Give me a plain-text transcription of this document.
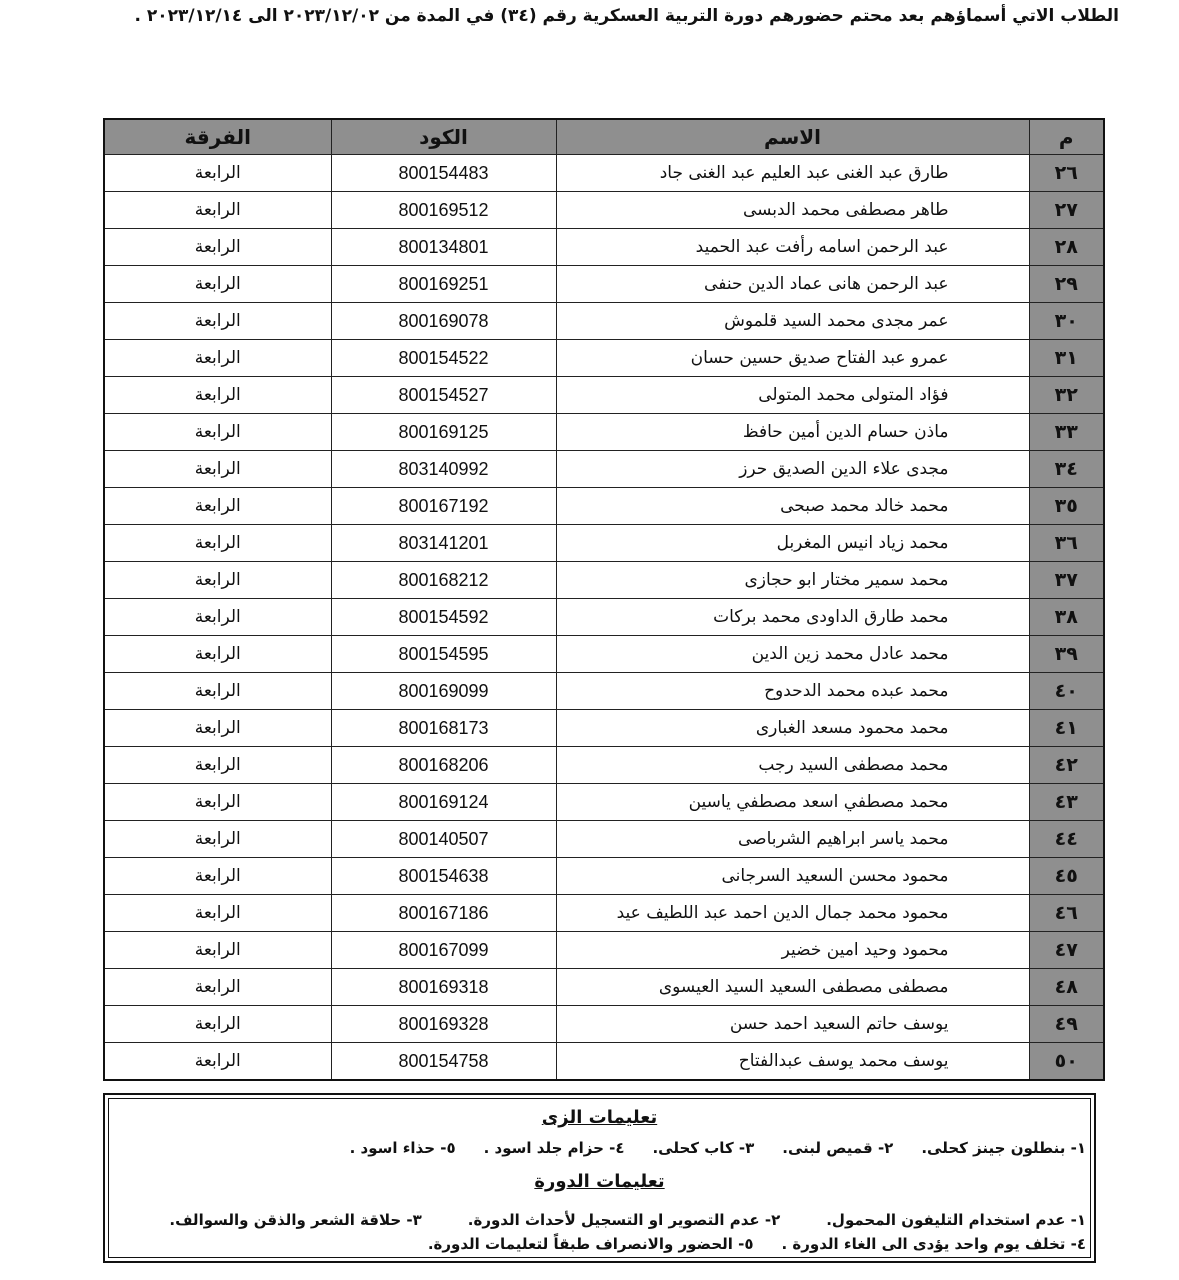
الطلاب الاتي أسماؤهم بعد محتم حضورهم دورة التربية العسكرية رقم (٣٤) في المدة من ٢٠٢٣/١٢/٠٢ الى ٢٠٢٣/١٢/١٤ .
م	الاسم	الكود	الفرقة
٢٦	طارق عبد الغنى عبد العليم عبد الغنى جاد	800154483	الرابعة
٢٧	طاهر مصطفى محمد الدبسى	800169512	الرابعة
٢٨	عبد الرحمن اسامه رأفت عبد الحميد	800134801	الرابعة
٢٩	عبد الرحمن هانى عماد الدين حنفى	800169251	الرابعة
٣٠	عمر مجدى محمد السيد قلموش	800169078	الرابعة
٣١	عمرو عبد الفتاح صديق حسين حسان	800154522	الرابعة
٣٢	فؤاد المتولى محمد المتولى	800154527	الرابعة
٣٣	ماذن حسام الدين أمين حافظ	800169125	الرابعة
٣٤	مجدى علاء الدين الصديق حرز	803140992	الرابعة
٣٥	محمد خالد محمد صبحى	800167192	الرابعة
٣٦	محمد زياد انيس المغربل	803141201	الرابعة
٣٧	محمد سمير مختار ابو حجازى	800168212	الرابعة
٣٨	محمد طارق الداودى محمد بركات	800154592	الرابعة
٣٩	محمد عادل محمد زين الدين	800154595	الرابعة
٤٠	محمد عبده محمد الدحدوح	800169099	الرابعة
٤١	محمد محمود مسعد الغبارى	800168173	الرابعة
٤٢	محمد مصطفى السيد رجب	800168206	الرابعة
٤٣	محمد مصطفي اسعد مصطفي ياسين	800169124	الرابعة
٤٤	محمد ياسر ابراهيم الشرباصى	800140507	الرابعة
٤٥	محمود محسن السعيد السرجانى	800154638	الرابعة
٤٦	محمود محمد جمال الدين احمد عبد اللطيف عيد	800167186	الرابعة
٤٧	محمود وحيد امين خضير	800167099	الرابعة
٤٨	مصطفى مصطفى السعيد السيد العيسوى	800169318	الرابعة
٤٩	يوسف حاتم السعيد احمد حسن	800169328	الرابعة
٥٠	يوسف محمد يوسف عبدالفتاح	800154758	الرابعة
تعليمات الزى
١- بنطلون جينز كحلى.
٢- قميص لبنى.
٣- كاب كحلى.
٤- حزام جلد اسود .
٥- حذاء اسود .
تعليمات الدورة
١- عدم استخدام التليفون المحمول.
٢- عدم التصوير او التسجيل لأحداث الدورة.
٣- حلاقة الشعر والذقن والسوالف.
٤- تخلف يوم واحد يؤدى الى الغاء الدورة .
٥- الحضور والانصراف طبقاً لتعليمات الدورة.
